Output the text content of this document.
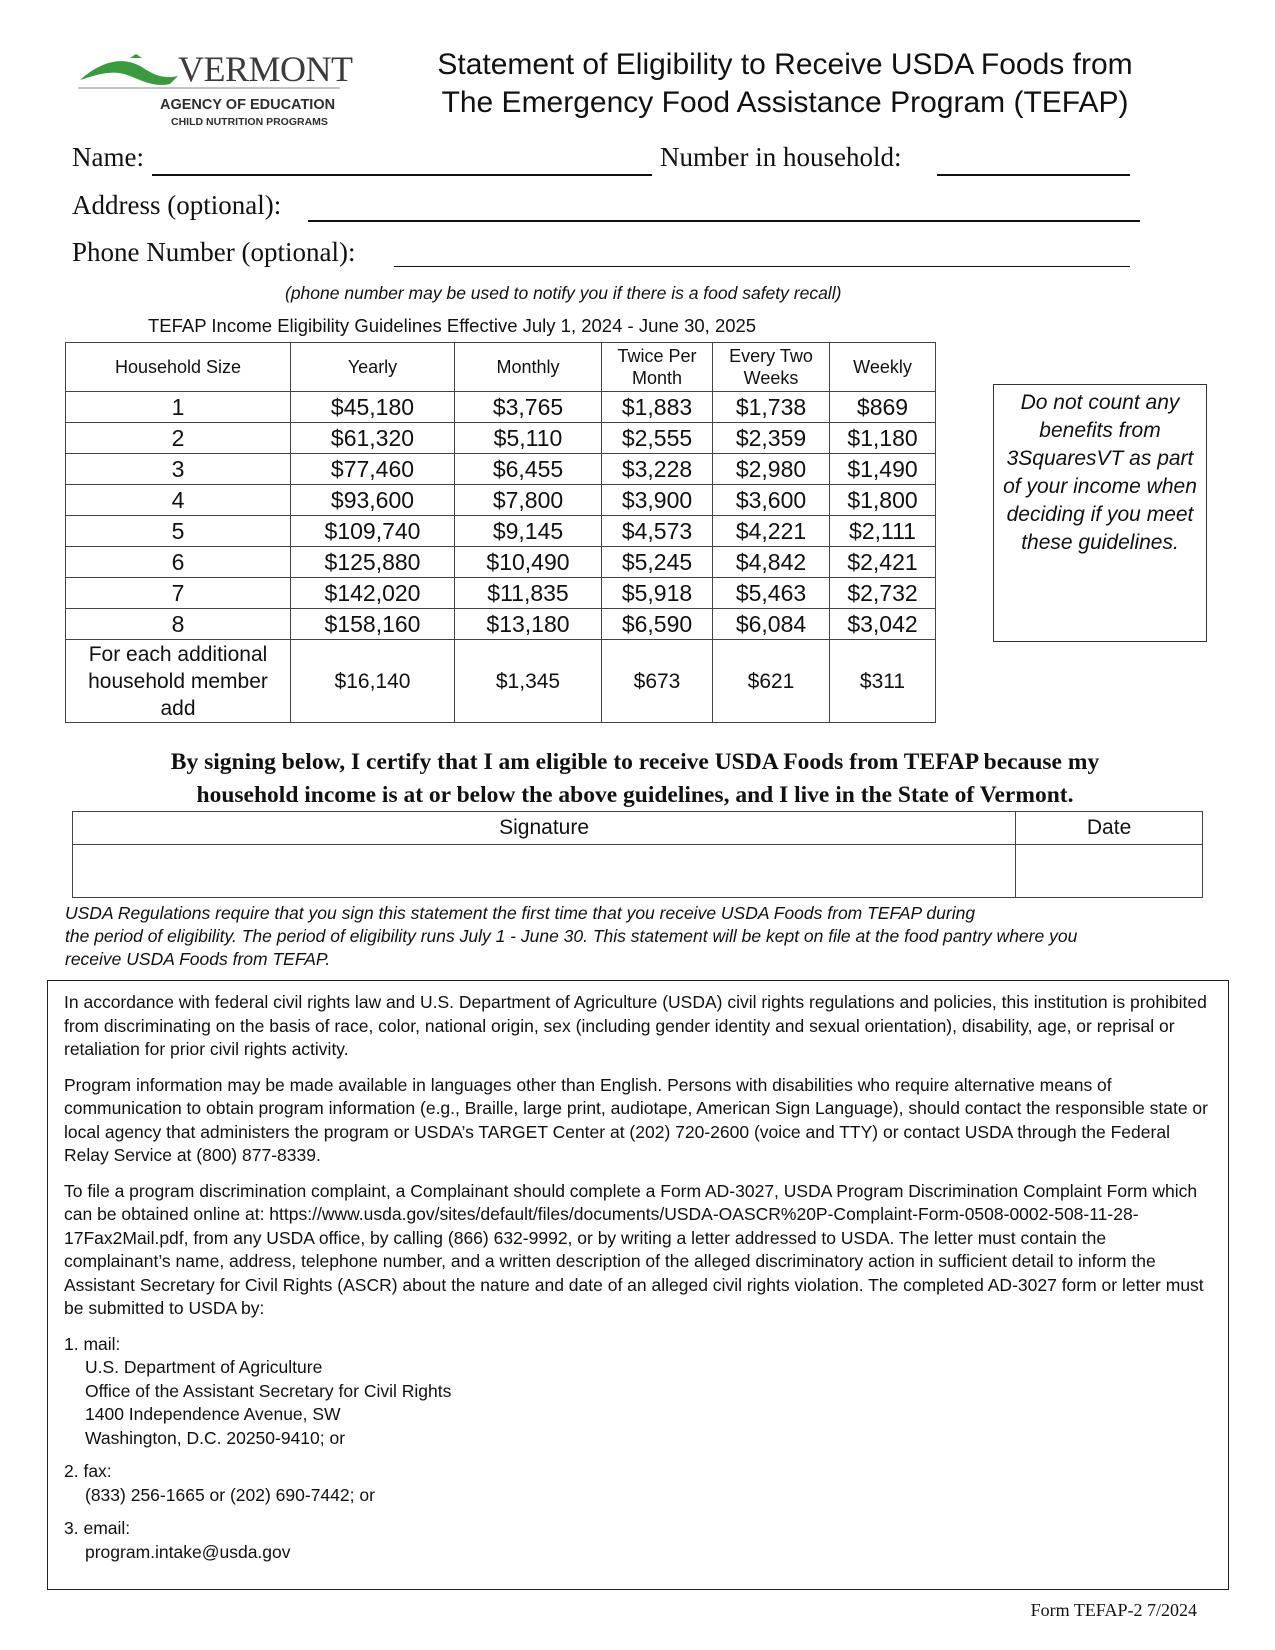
VERMONT
AGENCY OF EDUCATION
CHILD NUTRITION PROGRAMS
Statement of Eligibility to Receive USDA Foods from
The Emergency Food Assistance Program (TEFAP)
Name:	Number in household:
Address (optional):
Phone Number (optional):
(phone number may be used to notify you if there is a food safety recall)
TEFAP Income Eligibility Guidelines Effective July 1, 2024 - June 30, 2025
Household Size	Yearly	Monthly	Twice Per Month	Every Two Weeks	Weekly
1	$45,180	$3,765	$1,883	$1,738	$869
2	$61,320	$5,110	$2,555	$2,359	$1,180
3	$77,460	$6,455	$3,228	$2,980	$1,490
4	$93,600	$7,800	$3,900	$3,600	$1,800
5	$109,740	$9,145	$4,573	$4,221	$2,111
6	$125,880	$10,490	$5,245	$4,842	$2,421
7	$142,020	$11,835	$5,918	$5,463	$2,732
8	$158,160	$13,180	$6,590	$6,084	$3,042
For each additional household member add	$16,140	$1,345	$673	$621	$311
Do not count any benefits from 3SquaresVT as part of your income when deciding if you meet these guidelines.
By signing below, I certify that I am eligible to receive USDA Foods from TEFAP because my
household income is at or below the above guidelines, and I live in the State of Vermont.
Signature	Date

USDA Regulations require that you sign this statement the first time that you receive USDA Foods from TEFAP during
the period of eligibility. The period of eligibility runs July 1 - June 30. This statement will be kept on file at the food pantry where you
receive USDA Foods from TEFAP.

In accordance with federal civil rights law and U.S. Department of Agriculture (USDA) civil rights regulations and policies, this institution is prohibited from discriminating on the basis of race, color, national origin, sex (including gender identity and sexual orientation), disability, age, or reprisal or retaliation for prior civil rights activity.

Program information may be made available in languages other than English. Persons with disabilities who require alternative means of communication to obtain program information (e.g., Braille, large print, audiotape, American Sign Language), should contact the responsible state or local agency that administers the program or USDA’s TARGET Center at (202) 720-2600 (voice and TTY) or contact USDA through the Federal Relay Service at (800) 877-8339.

To file a program discrimination complaint, a Complainant should complete a Form AD-3027, USDA Program Discrimination Complaint Form which can be obtained online at: https://www.usda.gov/sites/default/files/documents/USDA-OASCR%20P-Complaint-Form-0508-0002-508-11-28-17Fax2Mail.pdf, from any USDA office, by calling (866) 632-9992, or by writing a letter addressed to USDA. The letter must contain the complainant’s name, address, telephone number, and a written description of the alleged discriminatory action in sufficient detail to inform the Assistant Secretary for Civil Rights (ASCR) about the nature and date of an alleged civil rights violation. The completed AD-3027 form or letter must be submitted to USDA by:

1. mail:
U.S. Department of Agriculture
Office of the Assistant Secretary for Civil Rights
1400 Independence Avenue, SW
Washington, D.C. 20250-9410; or
2. fax:
(833) 256-1665 or (202) 690-7442; or
3. email:
program.intake@usda.gov
Form TEFAP-2 7/2024
